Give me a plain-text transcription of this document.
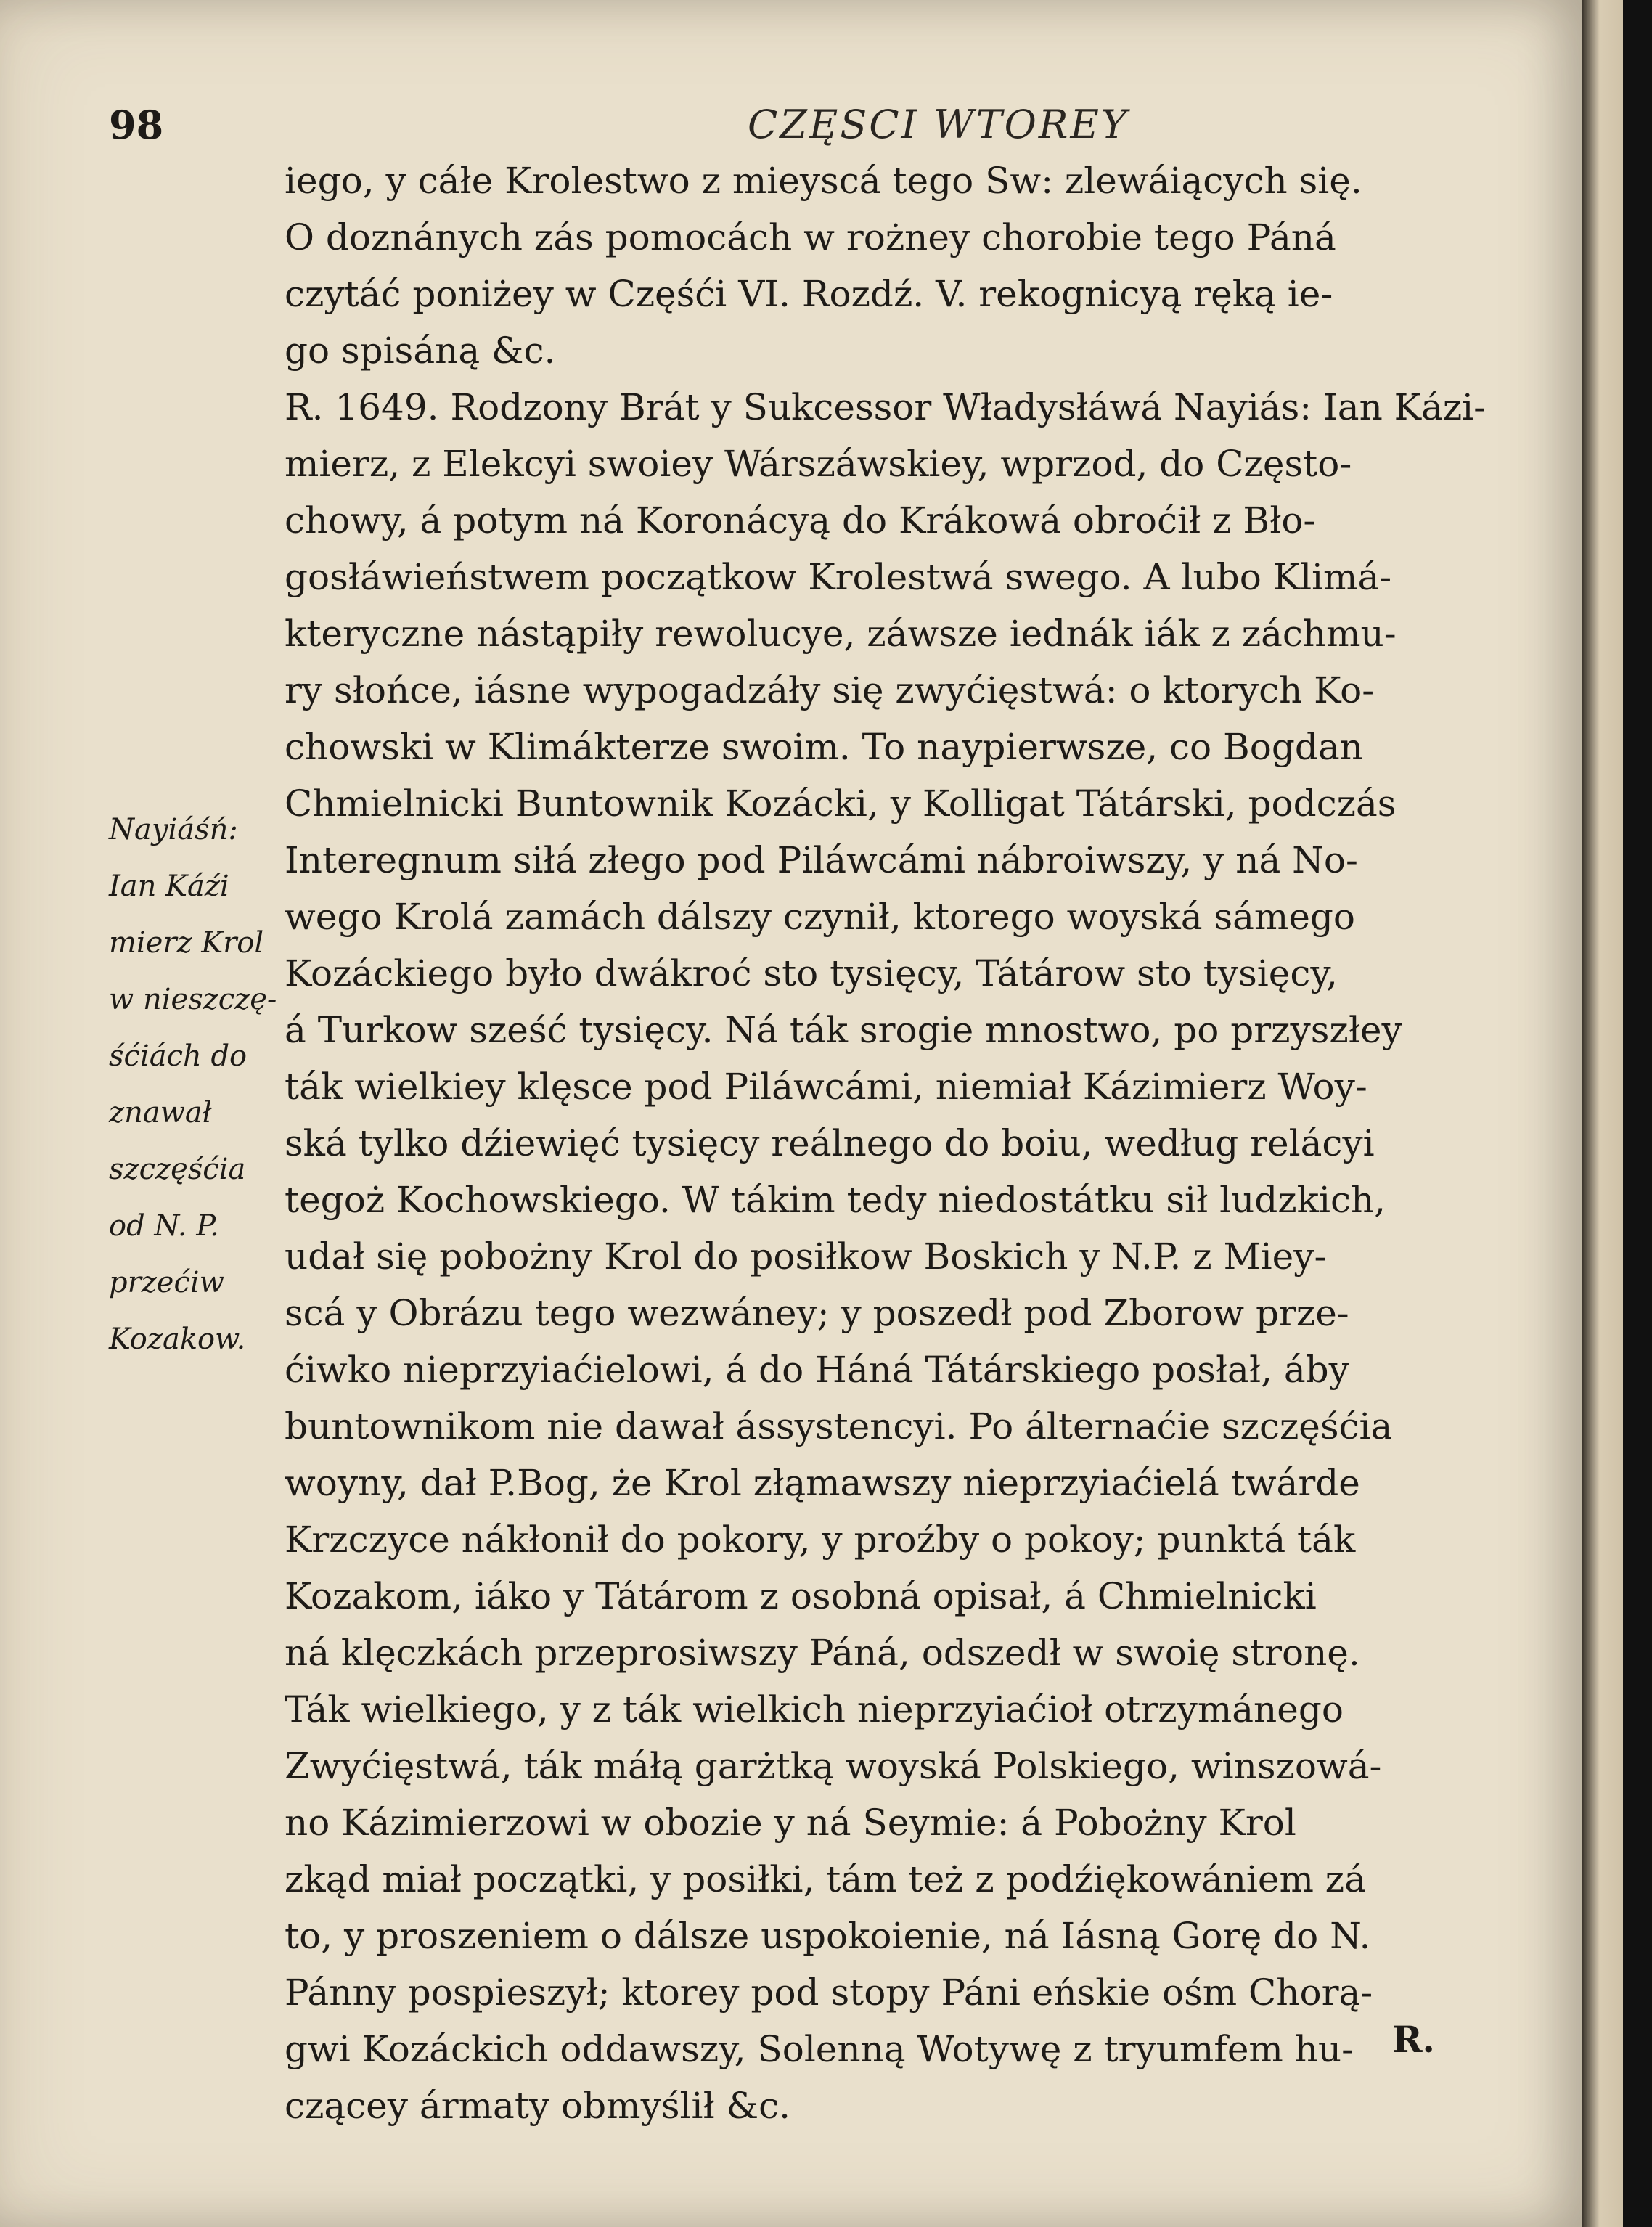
98	CZĘSCI WTOREY
iego, y cáłe Krolestwo z mieyscá tego Sw: zlewáiących się.
O doznánych zás pomocách w rożney chorobie tego Páná
czytáć poniżey w Częśći VI. Rozdź. V. rekognicyą ręką ie-
go spisáną &c.
R. 1649. Rodzony Brát y Sukcessor Władysłáwá Nayiás: Ian Kázi-
mierz, z Elekcyi swoiey Wárszáwskiey, wprzod, do Często-
chowy, á potym ná Koronácyą do Krákowá obroćił z Bło-
gosłáwieństwem początkow Krolestwá swego. A lubo Klimá-
kteryczne nástąpiły rewolucye, záwsze iednák iák z záchmu-
ry słońce, iásne wypogadzáły się zwyćięstwá: o ktorych Ko-
chowski w Klimákterze swoim. To naypierwsze, co Bogdan
Chmielnicki Buntownik Kozácki, y Kolligat Tátárski, podczás
Interegnum siłá złego pod Piláwcámi nábroiwszy, y ná No-
wego Krolá zamách dálszy czynił, ktorego woyská sámego
Kozáckiego było dwákroć sto tysięcy, Tátárow sto tysięcy,
á Turkow sześć tysięcy. Ná ták srogie mnostwo, po przyszłey
ták wielkiey klęsce pod Piláwcámi, niemiał Kázimierz Woy-
ská tylko dźiewięć tysięcy reálnego do boiu, według relácyi
tegoż Kochowskiego. W tákim tedy niedostátku sił ludzkich,
udał się pobożny Krol do posiłkow Boskich y N.P. z Miey-
scá y Obrázu tego wezwáney; y poszedł pod Zborow prze-
ćiwko nieprzyiaćielowi, á do Háná Tátárskiego posłał, áby
buntownikom nie dawał ássystencyi. Po álternaćie szczęśćia
woyny, dał P.Bog, że Krol złąmawszy nieprzyiaćielá twárde
Krzczyce nákłonił do pokory, y proźby o pokoy; punktá ták
Kozakom, iáko y Tátárom z osobná opisał, á Chmielnicki
ná klęczkách przeprosiwszy Páná, odszedł w swoię stronę.
Ták wielkiego, y z ták wielkich nieprzyiaćioł otrzymánego
Zwyćięstwá, ták máłą garżtką woyská Polskiego, winszowá-
no Kázimierzowi w obozie y ná Seymie: á Pobożny Krol
zkąd miał początki, y posiłki, tám też z podźiękowániem zá
to, y proszeniem o dálsze uspokoienie, ná Iásną Gorę do N.
Pánny pospieszył; ktorey pod stopy Páni eńskie ośm Chorą-
gwi Kozáckich oddawszy, Solenną Wotywę z tryumfem hu-
czącey ármaty obmyślił &c.
Nayiáśń:
Ian Káźi
mierz Krol
w nieszczę-
śćiách do
znawał
szczęśćia
od N. P.
przećiw
Kozakow.
R.
